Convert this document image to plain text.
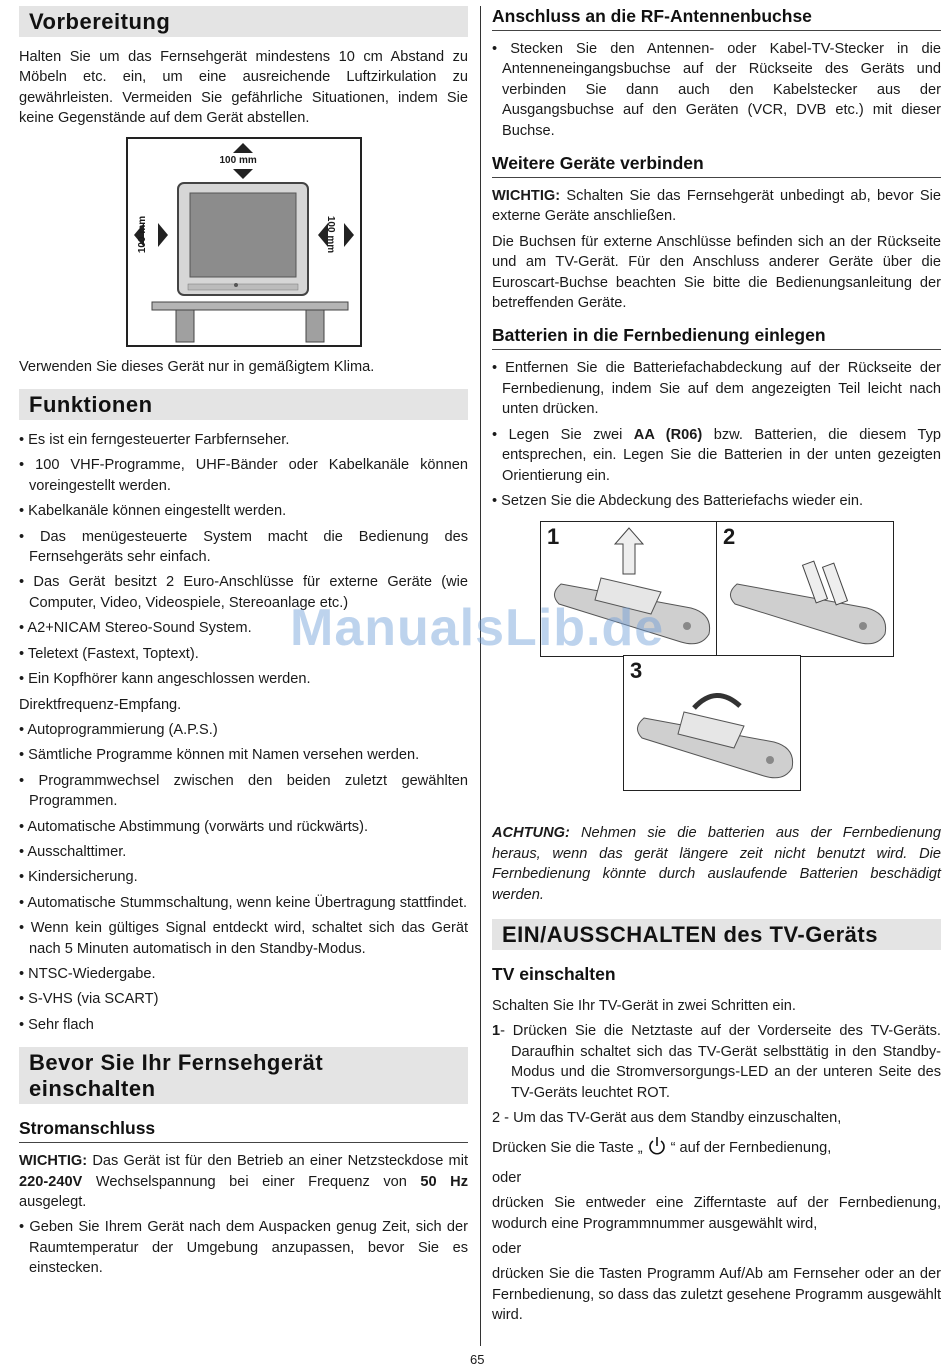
Vorbereitung

Halten Sie um das Fernsehgerät mindestens 10 cm Abstand zu Möbeln etc. ein, um eine ausreichende Luftzirkulation zu gewährleisten. Vermeiden Sie gefährliche Situationen, indem Sie keine Gegenstände auf dem Gerät abstellen.

100 mm
100 mm	100 mm

Verwenden Sie dieses Gerät nur in gemäßigtem Klima.

Funktionen
• Es ist ein ferngesteuerter Farbfernseher.
• 100 VHF-Programme, UHF-Bänder oder Kabelkanäle können voreingestellt werden.
• Kabelkanäle können eingestellt werden.
• Das menügesteuerte System macht die Bedienung des Fernsehgeräts sehr einfach.
• Das Gerät besitzt 2 Euro-Anschlüsse für externe Geräte (wie Computer, Video, Videospiele, Stereoanlage etc.)
• A2+NICAM Stereo-Sound System.
• Teletext (Fastext, Toptext).
• Ein Kopfhörer kann angeschlossen werden.
Direktfrequenz-Empfang.
• Autoprogrammierung (A.P.S.)
• Sämtliche Programme können mit Namen versehen werden.
• Programmwechsel zwischen den beiden zuletzt gewählten Programmen.
• Automatische Abstimmung (vorwärts und rückwärts).
• Ausschalttimer.
• Kindersicherung.
• Automatische Stummschaltung, wenn keine Übertragung stattfindet.
• Wenn kein gültiges Signal entdeckt wird, schaltet sich das Gerät nach 5 Minuten automatisch in den Standby-Modus.
• NTSC-Wiedergabe.
• S-VHS (via SCART)
• Sehr flach
Bevor Sie Ihr Fernsehgerät
einschalten
Stromanschluss

WICHTIG: Das Gerät ist für den Betrieb an einer Netzsteckdose mit 220-240V Wechselspannung bei einer Frequenz von 50 Hz ausgelegt.

• Geben Sie Ihrem Gerät nach dem Auspacken genug Zeit, sich der Raumtemperatur der Umgebung anzupassen, bevor Sie es einstecken.
Anschluss an die RF-Antennenbuchse
• Stecken Sie den Antennen- oder Kabel-TV-Stecker in die Antenneneingangsbuchse auf der Rückseite des Geräts und verbinden Sie dann auch den Kabelstecker aus der Ausgangsbuchse auf den Geräten (VCR, DVB etc.) mit dieser Buchse.
Weitere Geräte verbinden

WICHTIG: Schalten Sie das Fernsehgerät unbedingt ab, bevor Sie externe Geräte anschließen.

Die Buchsen für externe Anschlüsse befinden sich an der Rückseite und am TV-Gerät. Für den Anschluss anderer Geräte über die Euroscart-Buchse beachten Sie bitte die Bedienungsanleitung der betreffenden Geräte.

Batterien in die Fernbedienung einlegen
• Entfernen Sie die Batteriefachabdeckung auf der Rückseite der Fernbedienung, indem Sie auf dem angezeigten Teil leicht nach unten drücken.
• Legen Sie zwei AA (R06) bzw. Batterien, die diesem Typ entsprechen, ein. Legen Sie die Batterien in der unten gezeigten Orientierung ein.
• Setzen Sie die Abdeckung des Batteriefachs wieder ein.
1	2
3

ACHTUNG: Nehmen sie die batterien aus der Fernbedienung heraus, wenn das gerät längere zeit nicht benutzt wird. Die Fernbedienung könnte durch auslaufende Batterien beschädigt werden.

EIN/AUSSCHALTEN des TV-Geräts
TV einschalten

Schalten Sie Ihr TV-Gerät in zwei Schritten ein.

1- Drücken Sie die Netztaste auf der Vorderseite des TV-Geräts. Daraufhin schaltet sich das TV-Gerät selbsttätig in den Standby-Modus und die Stromversorgungs-LED an der unteren Seite des TV-Geräts leuchtet ROT.
2 - Um das TV-Gerät aus dem Standby einzuschalten,
Drücken Sie die Taste „ “ auf der Fernbedienung,
oder

drücken Sie entweder eine Zifferntaste auf der Fernbedienung, wodurch eine Programmnummer ausgewählt wird,

oder

drücken Sie die Tasten Programm Auf/Ab am Fernseher oder an der Fernbedienung, so dass das zuletzt gesehene Programm ausgewählt wird.

ManualsLib.de
65
